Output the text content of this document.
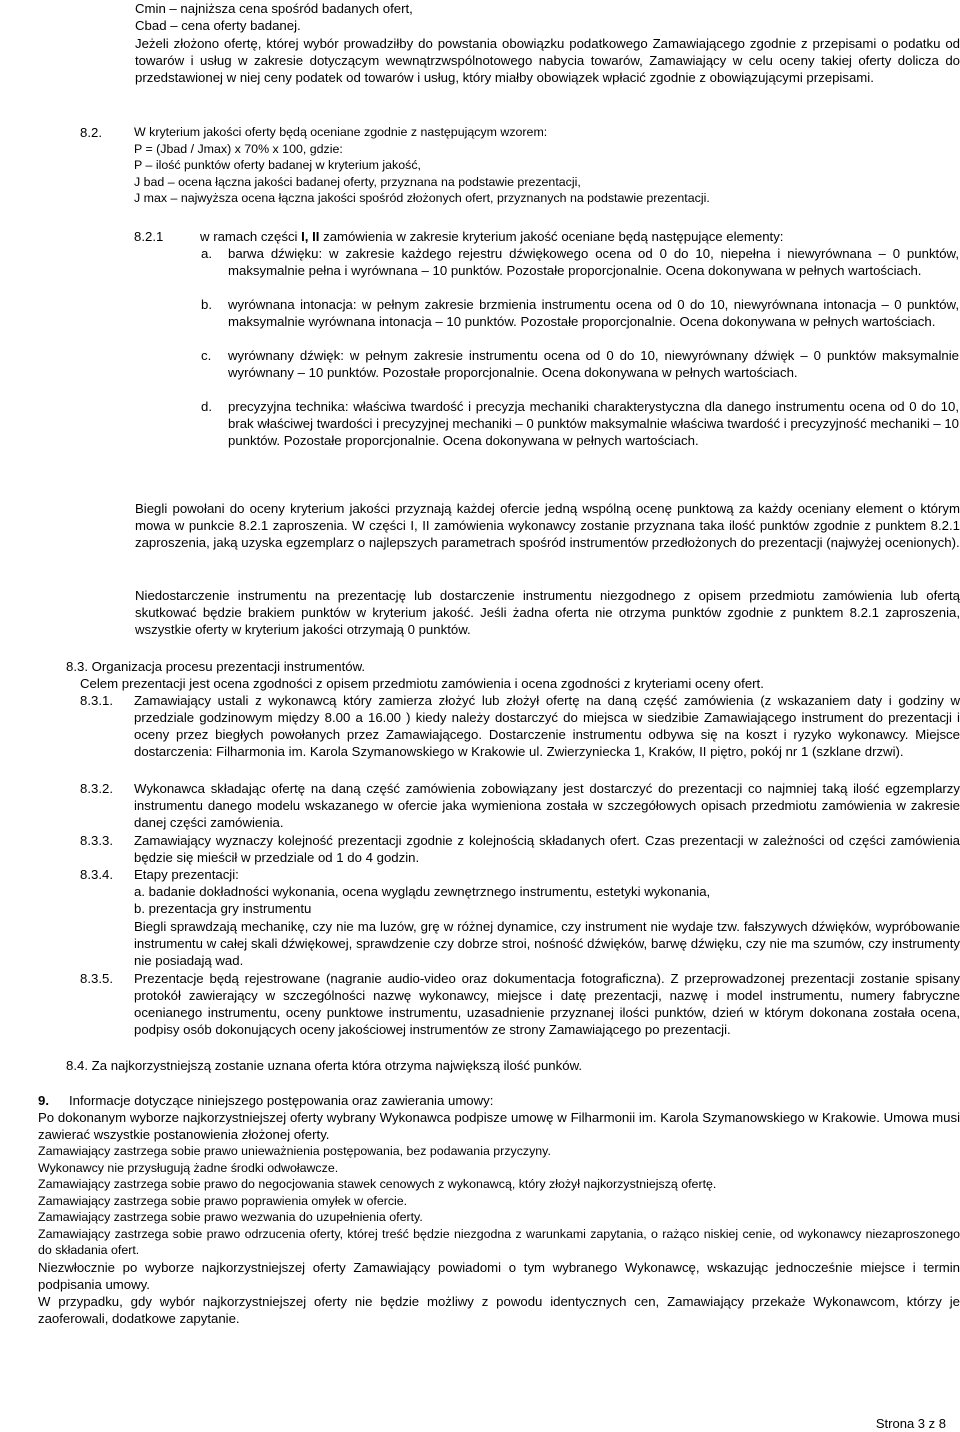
Cmin – najniższa cena spośród badanych ofert,

Cbad – cena oferty badanej.

Jeżeli złożono ofertę, której wybór prowadziłby do powstania obowiązku podatkowego Zamawiającego zgodnie z przepisami o podatku od towarów i usług w zakresie dotyczącym wewnątrzwspólnotowego nabycia towarów, Zamawiający w celu oceny takiej oferty dolicza do przedstawionej w niej ceny podatek od towarów i usług, który miałby obowiązek wpłacić zgodnie z obowiązującymi przepisami.

8.2.	W kryterium jakości oferty będą oceniane zgodnie z następującym wzorem:
P = (Jbad / Jmax) x 70% x 100, gdzie:
P – ilość punktów oferty badanej w kryterium jakość,
J bad – ocena łączna jakości badanej oferty, przyznana na podstawie prezentacji,
J max – najwyższa ocena łączna jakości spośród złożonych ofert, przyznanych na podstawie prezentacji.

8.2.1	w ramach części I, II zamówienia w zakresie kryterium jakość oceniane będą następujące elementy:

a. barwa dźwięku: w zakresie każdego rejestru dźwiękowego ocena od 0 do 10, niepełna i niewyrównana – 0 punktów, maksymalnie pełna i wyrównana – 10 punktów. Pozostałe proporcjonalnie. Ocena dokonywana w pełnych wartościach.

b. wyrównana intonacja: w pełnym zakresie brzmienia instrumentu ocena od 0 do 10, niewyrównana intonacja – 0 punktów, maksymalnie wyrównana intonacja – 10 punktów. Pozostałe proporcjonalnie. Ocena dokonywana w pełnych wartościach.

c. wyrównany dźwięk: w pełnym zakresie instrumentu ocena od 0 do 10, niewyrównany dźwięk – 0 punktów maksymalnie wyrównany – 10 punktów. Pozostałe proporcjonalnie. Ocena dokonywana w pełnych wartościach.

d. precyzyjna technika: właściwa twardość i precyzja mechaniki charakterystyczna dla danego instrumentu ocena od 0 do 10, brak właściwej twardości i precyzyjnej mechaniki – 0 punktów maksymalnie właściwa twardość i precyzyjność mechaniki – 10 punktów. Pozostałe proporcjonalnie. Ocena dokonywana w pełnych wartościach.

Biegli powołani do oceny kryterium jakości przyznają każdej ofercie jedną wspólną ocenę punktową za każdy oceniany element o którym mowa w punkcie 8.2.1 zaproszenia. W części I, II zamówienia wykonawcy zostanie przyznana taka ilość punktów zgodnie z punktem 8.2.1 zaproszenia, jaką uzyska egzemplarz o najlepszych parametrach spośród instrumentów przedłożonych do prezentacji (najwyżej ocenionych).

Niedostarczenie instrumentu na prezentację lub dostarczenie instrumentu niezgodnego z opisem przedmiotu zamówienia lub ofertą skutkować będzie brakiem punktów w kryterium jakość. Jeśli żadna oferta nie otrzyma punktów zgodnie z punktem 8.2.1 zaproszenia, wszystkie oferty w kryterium jakości otrzymają 0 punktów.

8.3. Organizacja procesu prezentacji instrumentów.

Celem prezentacji jest ocena zgodności z opisem przedmiotu zamówienia i ocena zgodności z kryteriami oceny ofert.

8.3.1. Zamawiający ustali z wykonawcą który zamierza złożyć lub złożył ofertę na daną część zamówienia (z wskazaniem daty i godziny w przedziale godzinowym między 8.00 a 16.00 ) kiedy należy dostarczyć do miejsca w siedzibie Zamawiającego instrument do prezentacji i oceny przez biegłych powołanych przez Zamawiającego. Dostarczenie instrumentu odbywa się na koszt i ryzyko wykonawcy. Miejsce dostarczenia: Filharmonia im. Karola Szymanowskiego w Krakowie ul. Zwierzyniecka 1, Kraków, II piętro, pokój nr 1 (szklane drzwi).

8.3.2. Wykonawca składając ofertę na daną część zamówienia zobowiązany jest dostarczyć do prezentacji co najmniej taką ilość egzemplarzy instrumentu danego modelu wskazanego w ofercie jaka wymieniona została w szczegółowych opisach przedmiotu zamówienia w zakresie danej części zamówienia.

8.3.3. Zamawiający wyznaczy kolejność prezentacji zgodnie z kolejnością składanych ofert. Czas prezentacji w zależności od części zamówienia będzie się mieścił w przedziale od 1 do 4 godzin.

8.3.4. Etapy prezentacji:

a. badanie dokładności wykonania, ocena wyglądu zewnętrznego instrumentu, estetyki wykonania,

b. prezentacja gry instrumentu

Biegli sprawdzają mechanikę, czy nie ma luzów, grę w różnej dynamice, czy instrument nie wydaje tzw. fałszywych dźwięków, wypróbowanie instrumentu w całej skali dźwiękowej, sprawdzenie czy dobrze stroi, nośność dźwięków, barwę dźwięku, czy nie ma szumów, czy instrumenty nie posiadają wad.

8.3.5. Prezentacje będą rejestrowane (nagranie audio-video oraz dokumentacja fotograficzna). Z przeprowadzonej prezentacji zostanie spisany protokół zawierający w szczególności nazwę wykonawcy, miejsce i datę prezentacji, nazwę i model instrumentu, numery fabryczne ocenianego instrumentu, oceny punktowe instrumentu, uzasadnienie przyznanej ilości punktów, dzień w którym dokonana została ocena, podpisy osób dokonujących oceny jakościowej instrumentów ze strony Zamawiającego po prezentacji.

8.4. Za najkorzystniejszą zostanie uznana oferta która otrzyma największą ilość punków.

9. Informacje dotyczące niniejszego postępowania oraz zawierania umowy:

Po dokonanym wyborze najkorzystniejszej oferty wybrany Wykonawca podpisze umowę w Filharmonii im. Karola Szymanowskiego w Krakowie. Umowa musi zawierać wszystkie postanowienia złożonej oferty.
Zamawiający zastrzega sobie prawo unieważnienia postępowania, bez podawania przyczyny.
Wykonawcy nie przysługują żadne środki odwoławcze.
Zamawiający zastrzega sobie prawo do negocjowania stawek cenowych z wykonawcą, który złożył najkorzystniejszą ofertę.
Zamawiający zastrzega sobie prawo poprawienia omyłek w ofercie.
Zamawiający zastrzega sobie prawo wezwania do uzupełnienia oferty.
Zamawiający zastrzega sobie prawo odrzucenia oferty, której treść będzie niezgodna z warunkami zapytania, o rażąco niskiej cenie, od wykonawcy niezaproszonego do składania ofert.
Niezwłocznie po wyborze najkorzystniejszej oferty Zamawiający powiadomi o tym wybranego Wykonawcę, wskazując jednocześnie miejsce i termin podpisania umowy.
W przypadku, gdy wybór najkorzystniejszej oferty nie będzie możliwy z powodu identycznych cen, Zamawiający przekaże Wykonawcom, którzy je zaoferowali, dodatkowe zapytanie.

Strona 3 z 8
